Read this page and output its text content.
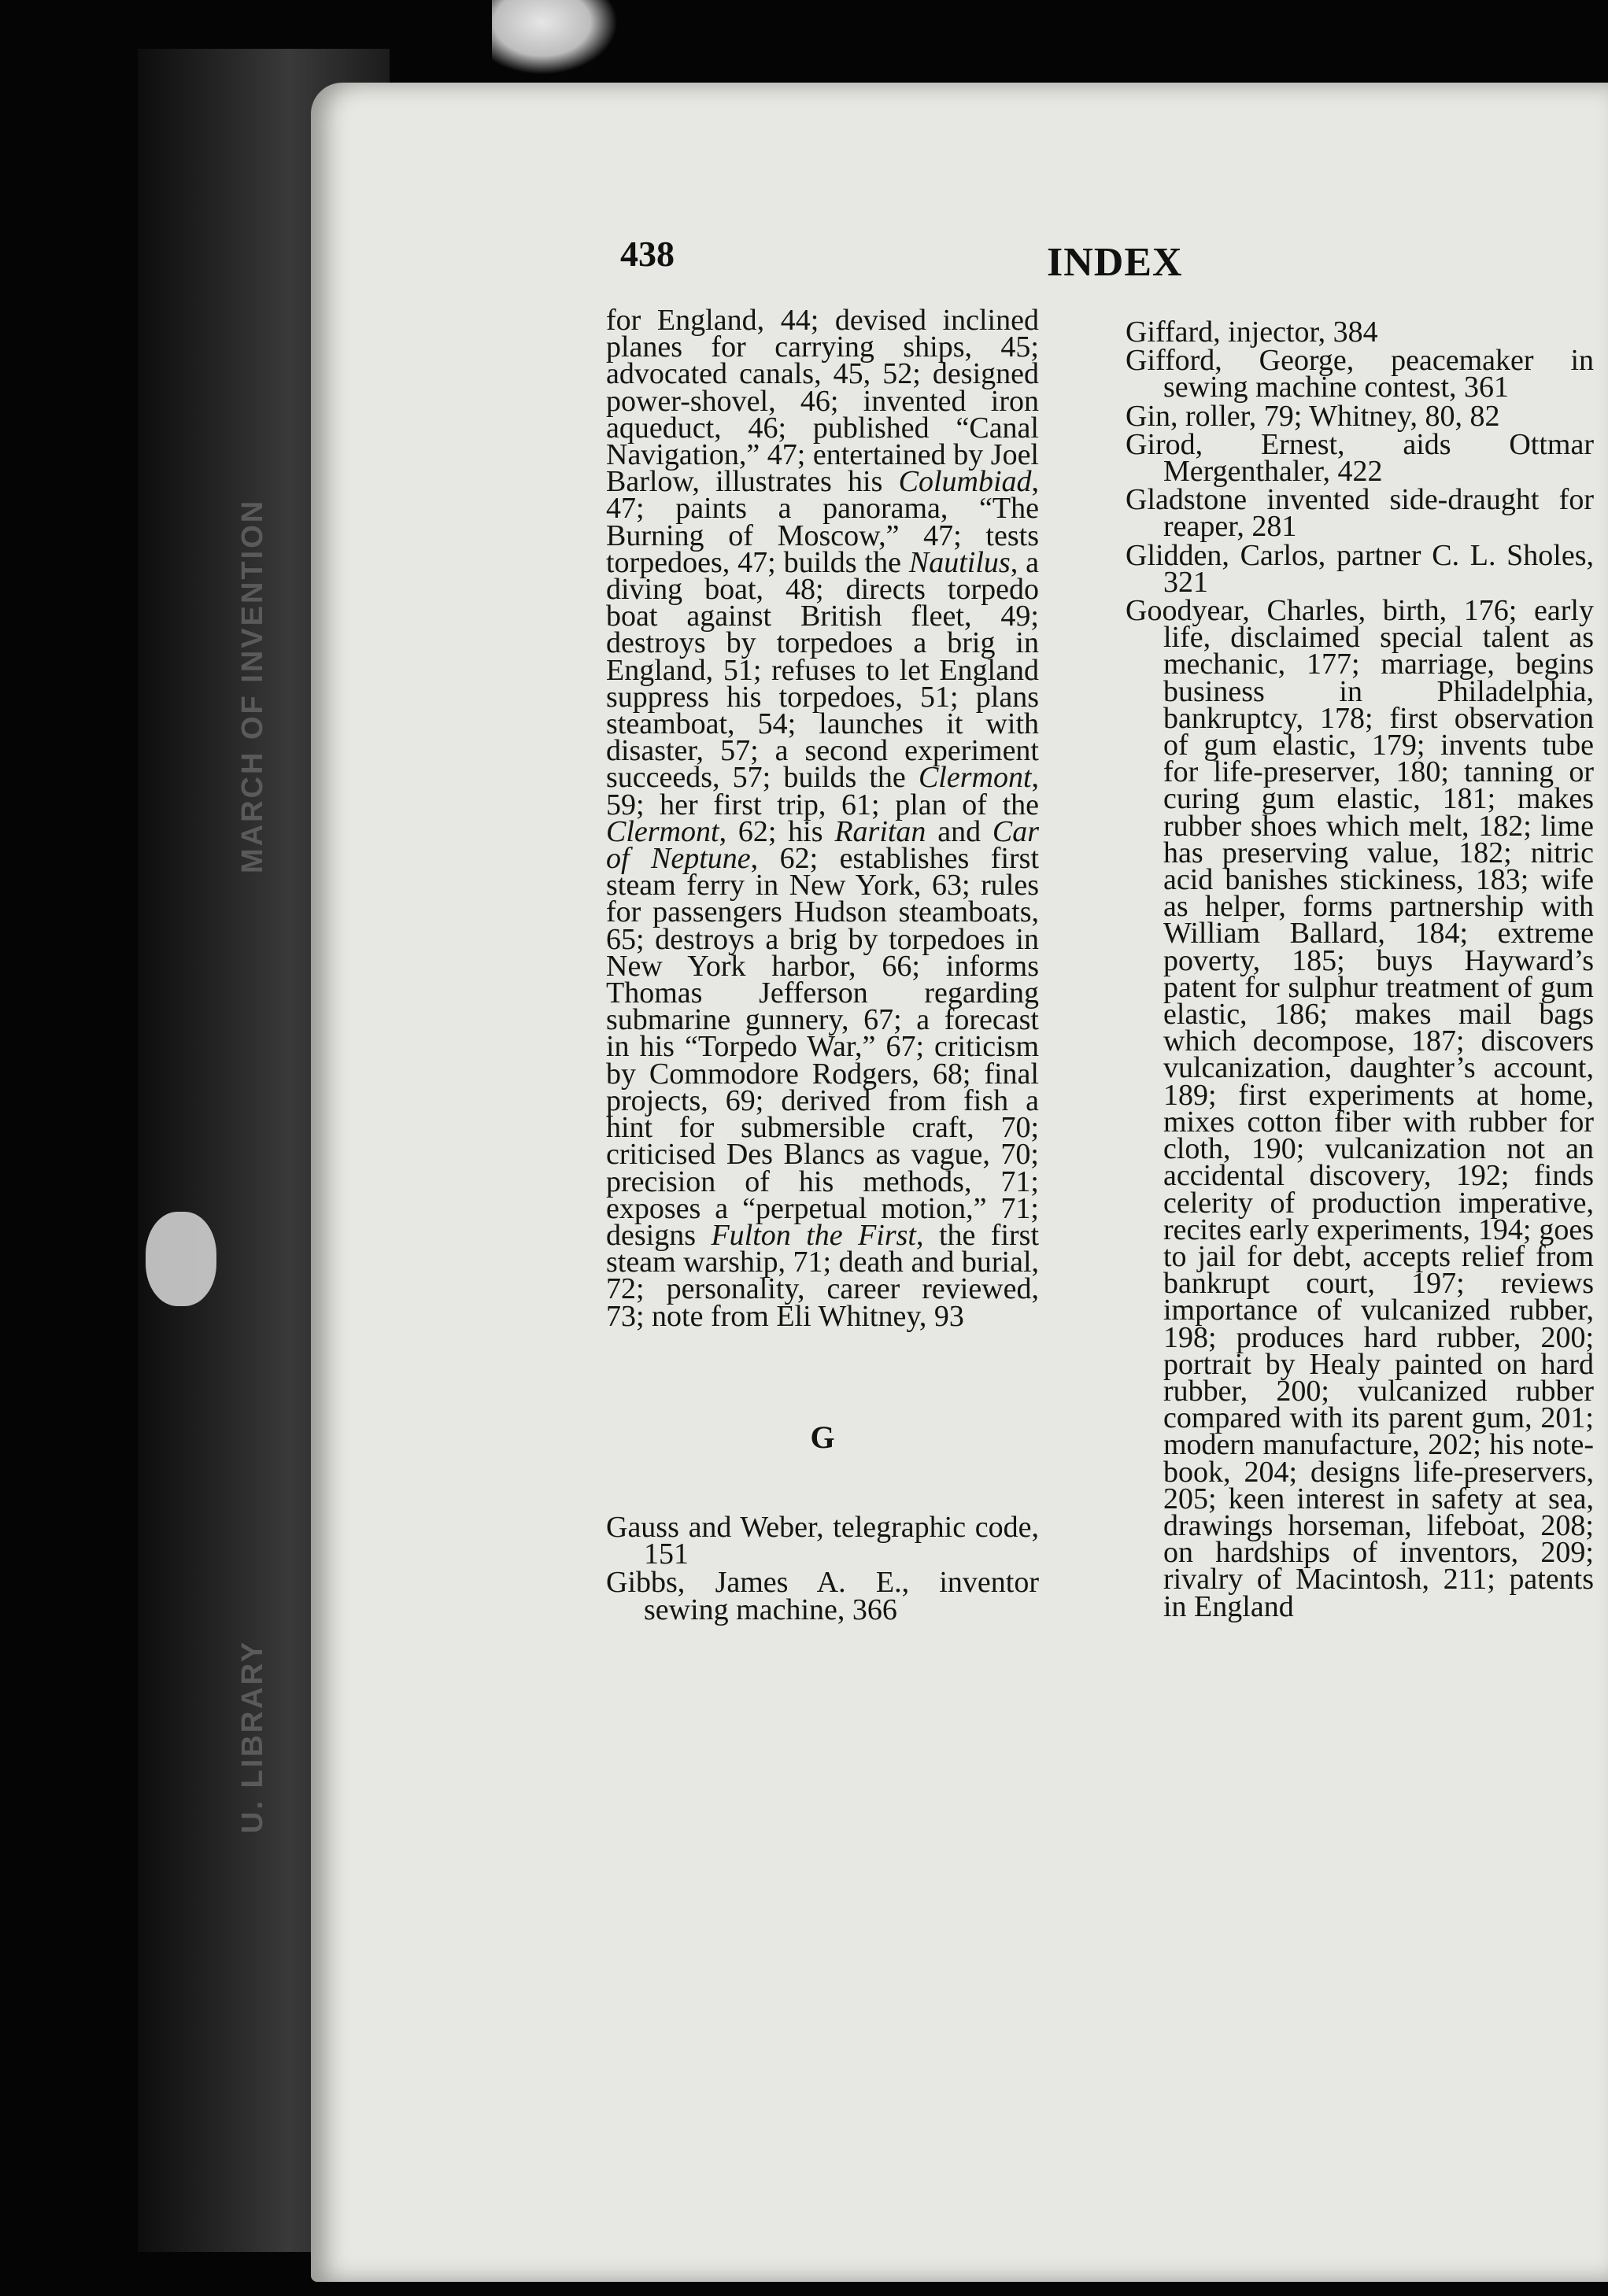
MARCH OF INVENTION
U. LIBRARY
438	INDEX

for England, 44; devised inclined planes for carrying ships, 45; advocated canals, 45, 52; designed power-shovel, 46; invented iron aqueduct, 46; published “Canal Navigation,” 47; entertained by Joel Barlow, illustrates his Columbiad, 47; paints a panorama, “The Burning of Moscow,” 47; tests torpedoes, 47; builds the Nautilus, a diving boat, 48; directs torpedo boat against British fleet, 49; destroys by torpedoes a brig in England, 51; refuses to let England suppress his torpedoes, 51; plans steamboat, 54; launches it with disaster, 57; a second experiment succeeds, 57; builds the Clermont, 59; her first trip, 61; plan of the Clermont, 62; his Raritan and Car of Neptune, 62; establishes first steam ferry in New York, 63; rules for passengers Hudson steamboats, 65; destroys a brig by torpedoes in New York harbor, 66; informs Thomas Jefferson regarding submarine gunnery, 67; a forecast in his “Torpedo War,” 67; criticism by Commodore Rodgers, 68; final projects, 69; derived from fish a hint for submersible craft, 70; criticised Des Blancs as vague, 70; precision of his methods, 71; exposes a “perpetual motion,” 71; designs Fulton the First, the first steam warship, 71; death and burial, 72; personality, career reviewed, 73; note from Eli Whitney, 93

G

Gauss and Weber, telegraphic code, 151

Gibbs, James A. E., inventor sewing machine, 366

Giffard, injector, 384

Gifford, George, peacemaker in sewing machine contest, 361

Gin, roller, 79; Whitney, 80, 82

Girod, Ernest, aids Ottmar Mergenthaler, 422

Gladstone invented side-draught for reaper, 281

Glidden, Carlos, partner C. L. Sholes, 321

Goodyear, Charles, birth, 176; early life, disclaimed special talent as mechanic, 177; marriage, begins business in Philadelphia, bankruptcy, 178; first observation of gum elastic, 179; invents tube for life-preserver, 180; tanning or curing gum elastic, 181; makes rubber shoes which melt, 182; lime has preserving value, 182; nitric acid banishes stickiness, 183; wife as helper, forms partnership with William Ballard, 184; extreme poverty, 185; buys Hayward’s patent for sulphur treatment of gum elastic, 186; makes mail bags which decompose, 187; discovers vulcanization, daughter’s account, 189; first experiments at home, mixes cotton fiber with rubber for cloth, 190; vulcanization not an accidental discovery, 192; finds celerity of production imperative, recites early experiments, 194; goes to jail for debt, accepts relief from bankrupt court, 197; reviews importance of vulcanized rubber, 198; produces hard rubber, 200; portrait by Healy painted on hard rubber, 200; vulcanized rubber compared with its parent gum, 201; modern manufacture, 202; his note-book, 204; designs life-preservers, 205; keen interest in safety at sea, drawings horseman, lifeboat, 208; on hardships of inventors, 209; rivalry of Macintosh, 211; patents in England
